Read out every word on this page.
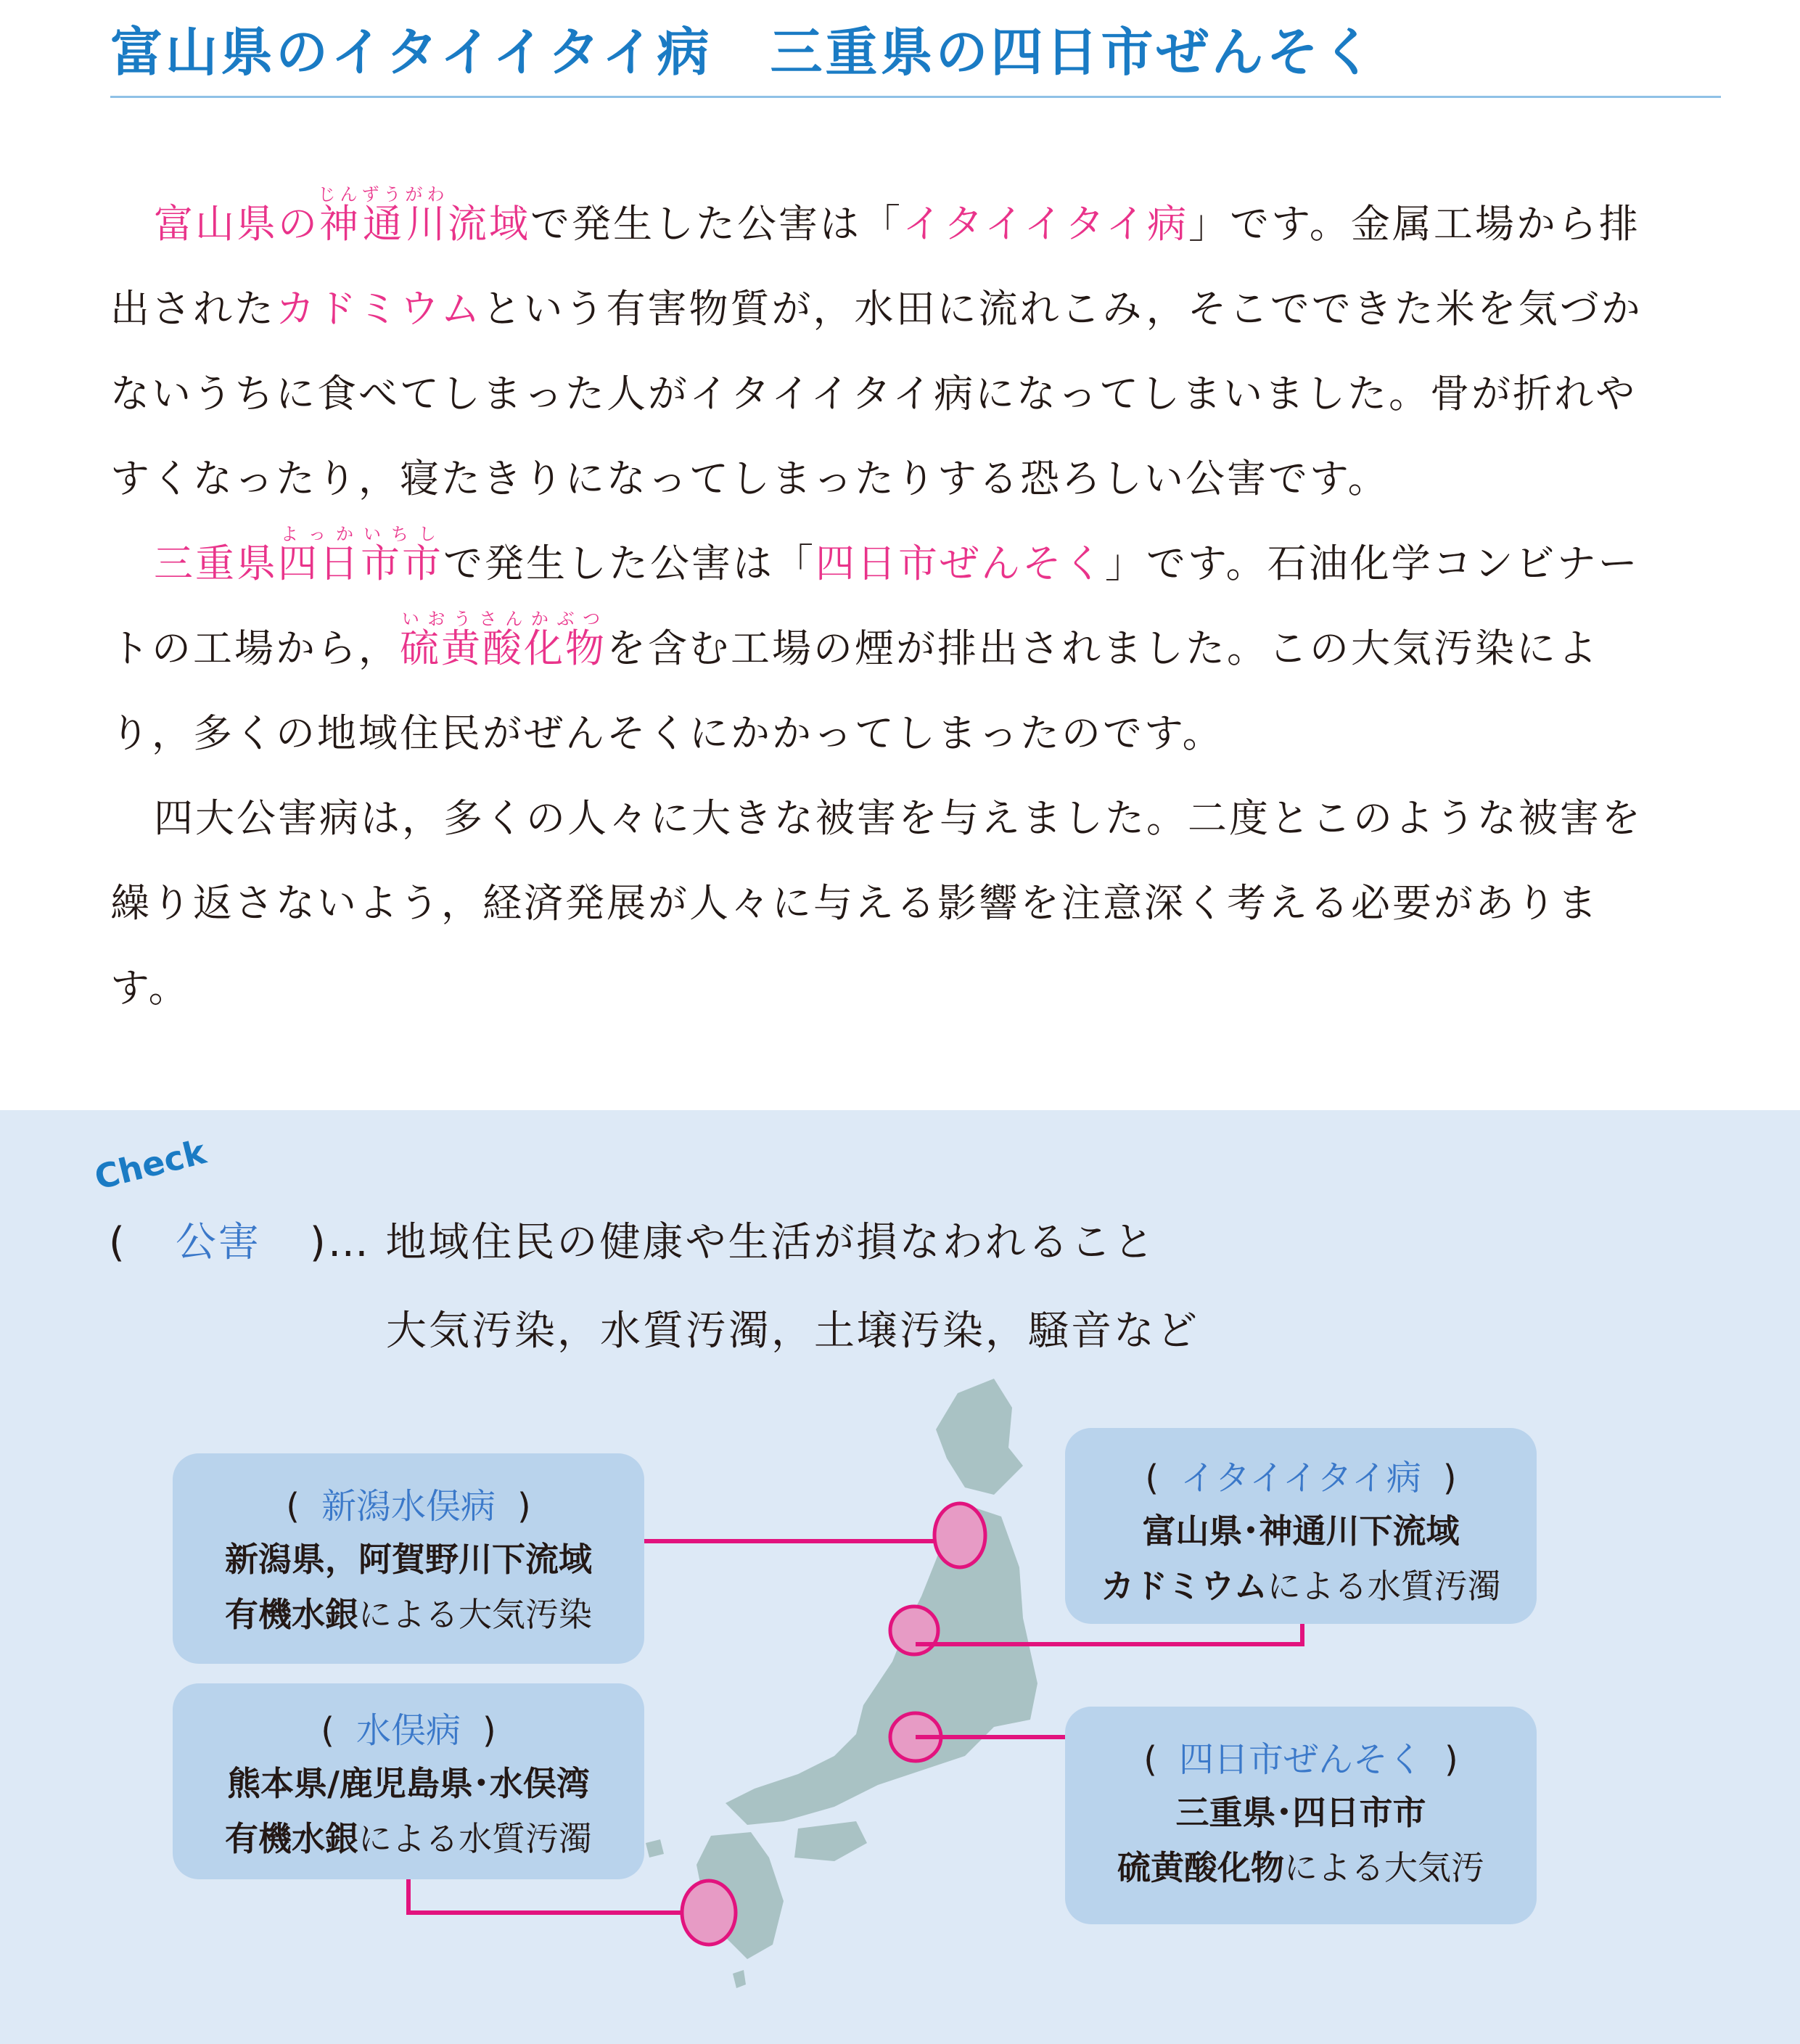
富山県のイタイイタイ病 三重県の四日市ぜんそく

富山県の神通川じんずうがわ流域で発生した公害は「イタイイタイ病」です。金属工場から排

出されたカドミウムという有害物質が，水田に流れこみ，そこでできた米を気づか

ないうちに食べてしまった人がイタイイタイ病になってしまいました。骨が折れや

すくなったり，寝たきりになってしまったりする恐ろしい公害です。

三重県四日市市よっかいちしで発生した公害は「四日市ぜんそく」です。石油化学コンビナー

トの工場から，硫黄酸化物いおうさんかぶつを含む工場の煙が排出されました。この大気汚染によ

り，多くの地域住民がぜんそくにかかってしまったのです。

四大公害病は，多くの人々に大きな被害を与えました。二度とこのような被害を

繰り返さないよう，経済発展が人々に与える影響を注意深く考える必要がありま

す。

Check
( 公害 )… 地域住民の健康や生活が損なわれること
大気汚染，水質汚濁，土壌汚染，騒音など
( 新潟水俣病 )
新潟県，阿賀野川下流域
有機水銀による大気汚染
( イタイイタイ病 )
富山県･神通川下流域
カドミウムによる水質汚濁
( 水俣病 )
熊本県/鹿児島県･水俣湾
有機水銀による水質汚濁
( 四日市ぜんそく )
三重県･四日市市
硫黄酸化物による大気汚
